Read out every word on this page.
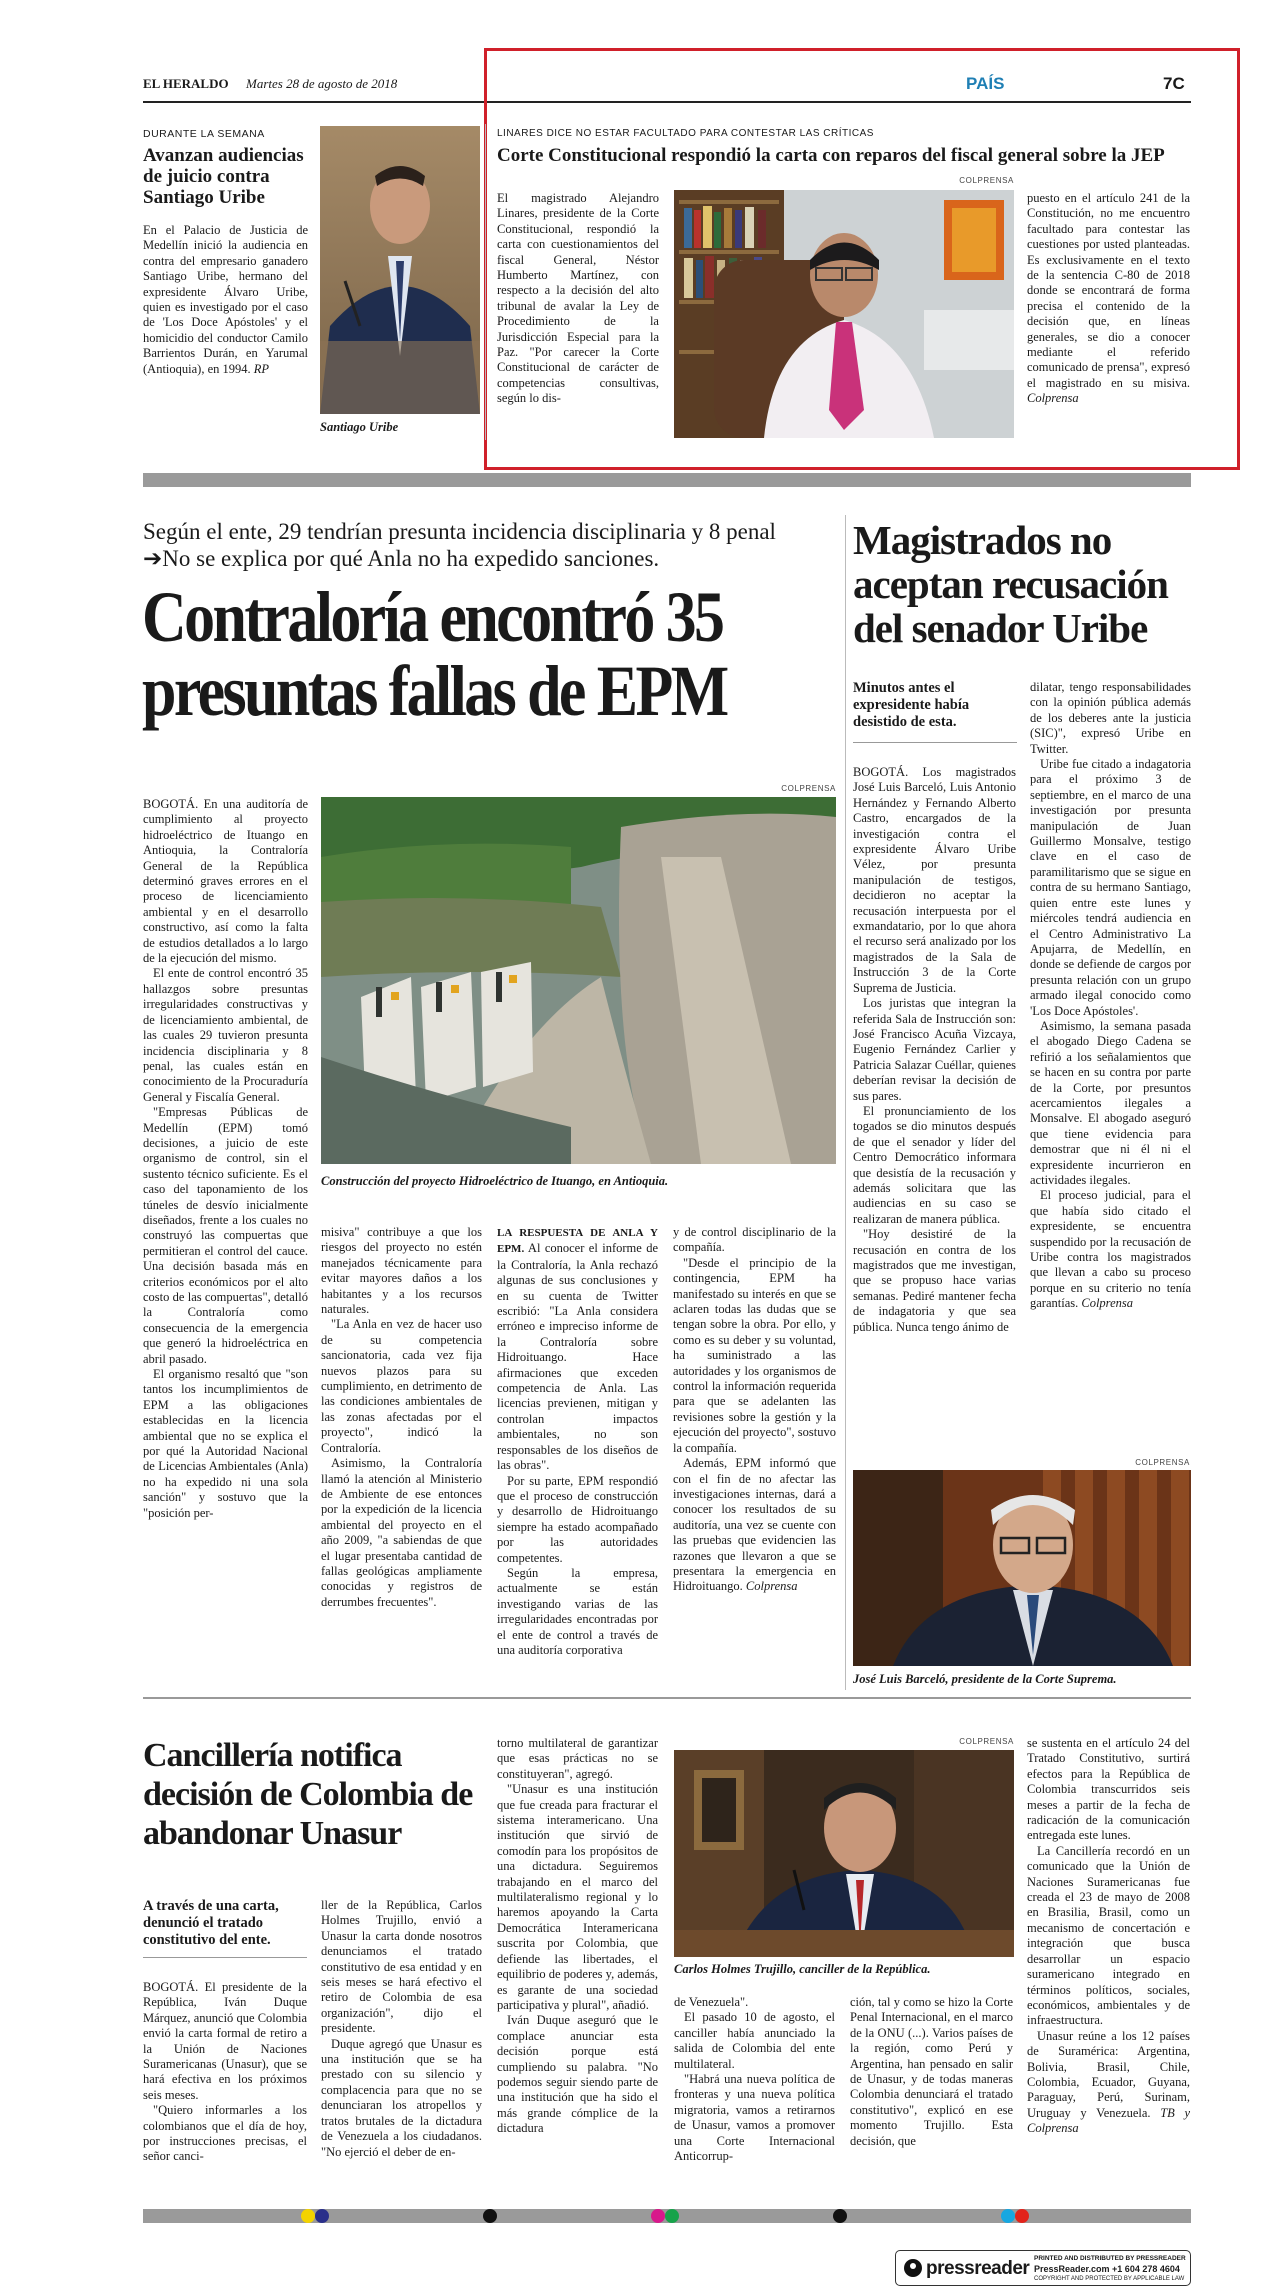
EL HERALDO Martes 28 de agosto de 2018	PAÍS	7C
DURANTE LA SEMANA
Avanzan audiencias de juicio contra Santiago Uribe
En el Palacio de Justicia de Medellín inició la audiencia en contra del empresario ganadero Santiago Uribe, hermano del expresidente Álvaro Uribe, quien es investigado por el caso de 'Los Doce Apóstoles' y el homicidio del conductor Camilo Barrientos Durán, en Yarumal (Antioquia), en 1994. RP
Santiago Uribe
LINARES DICE NO ESTAR FACULTADO PARA CONTESTAR LAS CRÍTICAS
Corte Constitucional respondió la carta con reparos del fiscal general sobre la JEP
COLPRENSA
El magistrado Alejandro Linares, presidente de la Corte Constitucional, respondió la carta con cuestionamientos del fiscal General, Néstor Humberto Martínez, con respecto a la decisión del alto tribunal de avalar la Ley de Procedimiento de la Jurisdicción Especial para la Paz. "Por carecer la Corte Constitucional de carácter de competencias consultivas, según lo dis-
puesto en el artículo 241 de la Constitución, no me encuentro facultado para contestar las cuestiones por usted planteadas. Es exclusivamente en el texto de la sentencia C-80 de 2018 donde se encontrará de forma precisa el contenido de la decisión que, en líneas generales, se dio a conocer mediante el referido comunicado de prensa", expresó el magistrado en su misiva. Colprensa
Según el ente, 29 tendrían presunta incidencia disciplinaria y 8 penal ➔No se explica por qué Anla no ha expedido sanciones.
Contraloría encontró 35 presuntas fallas de EPM
COLPRENSA
Construcción del proyecto Hidroeléctrico de Ituango, en Antioquia.

BOGOTÁ. En una auditoría de cumplimiento al proyecto hidroeléctrico de Ituango en Antioquia, la Contraloría General de la República determinó graves errores en el proceso de licenciamiento ambiental y en el desarrollo constructivo, así como la falta de estudios detallados a lo largo de la ejecución del mismo.

El ente de control encontró 35 hallazgos sobre presuntas irregularidades constructivas y de licenciamiento ambiental, de las cuales 29 tuvieron presunta incidencia disciplinaria y 8 penal, las cuales están en conocimiento de la Procuraduría General y Fiscalía General.

"Empresas Públicas de Medellín (EPM) tomó decisiones, a juicio de este organismo de control, sin el sustento técnico suficiente. Es el caso del taponamiento de los túneles de desvío inicialmente diseñados, frente a los cuales no construyó las compuertas que permitieran el control del cauce. Una decisión basada más en criterios económicos por el alto costo de las compuertas", detalló la Contraloría como consecuencia de la emergencia que generó la hidroeléctrica en abril pasado.

El organismo resaltó que "son tantos los incumplimientos de EPM a las obligaciones establecidas en la licencia ambiental que no se explica el por qué la Autoridad Nacional de Licencias Ambientales (Anla) no ha expedido ni una sola sanción" y sostuvo que la "posición per-

misiva" contribuye a que los riesgos del proyecto no estén manejados técnicamente para evitar mayores daños a los habitantes y a los recursos naturales.

"La Anla en vez de hacer uso de su competencia sancionatoria, cada vez fija nuevos plazos para su cumplimiento, en detrimento de las condiciones ambientales de las zonas afectadas por el proyecto", indicó la Contraloría.

Asimismo, la Contraloría llamó la atención al Ministerio de Ambiente de ese entonces por la expedición de la licencia ambiental del proyecto en el año 2009, "a sabiendas de que el lugar presentaba cantidad de fallas geológicas ampliamente conocidas y registros de derrumbes frecuentes".

LA RESPUESTA DE ANLA Y EPM. Al conocer el informe de la Contraloría, la Anla rechazó algunas de sus conclusiones y en su cuenta de Twitter escribió: "La Anla considera erróneo e impreciso informe de la Contraloría sobre Hidroituango. Hace afirmaciones que exceden competencia de Anla. Las licencias previenen, mitigan y controlan impactos ambientales, no son responsables de los diseños de las obras".

Por su parte, EPM respondió que el proceso de construcción y desarrollo de Hidroituango siempre ha estado acompañado por las autoridades competentes.

Según la empresa, actualmente se están investigando varias de las irregularidades encontradas por el ente de control a través de una auditoría corporativa

y de control disciplinario de la compañía.

"Desde el principio de la contingencia, EPM ha manifestado su interés en que se aclaren todas las dudas que se tengan sobre la obra. Por ello, y como es su deber y su voluntad, ha suministrado a las autoridades y los organismos de control la información requerida para que se adelanten las revisiones sobre la gestión y la ejecución del proyecto", sostuvo la compañía.

Además, EPM informó que con el fin de no afectar las investigaciones internas, dará a conocer los resultados de su auditoría, una vez se cuente con las pruebas que evidencien las razones que llevaron a que se presentara la emergencia en Hidroituango. Colprensa

Magistrados no aceptan recusación del senador Uribe
Minutos antes el expresidente había desistido de esta.

BOGOTÁ. Los magistrados José Luis Barceló, Luis Antonio Hernández y Fernando Alberto Castro, encargados de la investigación contra el expresidente Álvaro Uribe Vélez, por presunta manipulación de testigos, decidieron no aceptar la recusación interpuesta por el exmandatario, por lo que ahora el recurso será analizado por los magistrados de la Sala de Instrucción 3 de la Corte Suprema de Justicia.

Los juristas que integran la referida Sala de Instrucción son: José Francisco Acuña Vizcaya, Eugenio Fernández Carlier y Patricia Salazar Cuéllar, quienes deberían revisar la decisión de sus pares.

El pronunciamiento de los togados se dio minutos después de que el senador y líder del Centro Democrático informara que desistía de la recusación y además solicitara que las audiencias en su caso se realizaran de manera pública.

"Hoy desistiré de la recusación en contra de los magistrados que me investigan, que se propuso hace varias semanas. Pediré mantener fecha de indagatoria y que sea pública. Nunca tengo ánimo de

dilatar, tengo responsabilidades con la opinión pública además de los deberes ante la justicia (SIC)", expresó Uribe en Twitter.

Uribe fue citado a indagatoria para el próximo 3 de septiembre, en el marco de una investigación por presunta manipulación de Juan Guillermo Monsalve, testigo clave en el caso de paramilitarismo que se sigue en contra de su hermano Santiago, quien entre este lunes y miércoles tendrá audiencia en el Centro Administrativo La Apujarra, de Medellín, en donde se defiende de cargos por presunta relación con un grupo armado ilegal conocido como 'Los Doce Apóstoles'.

Asimismo, la semana pasada el abogado Diego Cadena se refirió a los señalamientos que se hacen en su contra por parte de la Corte, por presuntos acercamientos ilegales a Monsalve. El abogado aseguró que tiene evidencia para demostrar que ni él ni el expresidente incurrieron en actividades ilegales.

El proceso judicial, para el que había sido citado el expresidente, se encuentra suspendido por la recusación de Uribe contra los magistrados que llevan a cabo su proceso porque en su criterio no tenía garantías. Colprensa

COLPRENSA
José Luis Barceló, presidente de la Corte Suprema.
Cancillería notifica decisión de Colombia de abandonar Unasur
A través de una carta, denunció el tratado constitutivo del ente.

BOGOTÁ. El presidente de la República, Iván Duque Márquez, anunció que Colombia envió la carta formal de retiro a la Unión de Naciones Suramericanas (Unasur), que se hará efectiva en los próximos seis meses.

"Quiero informarles a los colombianos que el día de hoy, por instrucciones precisas, el señor canci-

ller de la República, Carlos Holmes Trujillo, envió a Unasur la carta donde nosotros denunciamos el tratado constitutivo de esa entidad y en seis meses se hará efectivo el retiro de Colombia de esa organización", dijo el presidente.

Duque agregó que Unasur es una institución que se ha prestado con su silencio y complacencia para que no se denunciaran los atropellos y tratos brutales de la dictadura de Venezuela a los ciudadanos. "No ejerció el deber de en-

torno multilateral de garantizar que esas prácticas no se constituyeran", agregó.

"Unasur es una institución que fue creada para fracturar el sistema interamericano. Una institución que sirvió de comodín para los propósitos de una dictadura. Seguiremos trabajando en el marco del multilateralismo regional y lo haremos apoyando la Carta Democrática Interamericana suscrita por Colombia, que defiende las libertades, el equilibrio de poderes y, además, es garante de una sociedad participativa y plural", añadió.

Iván Duque aseguró que le complace anunciar esta decisión porque está cumpliendo su palabra. "No podemos seguir siendo parte de una institución que ha sido el más grande cómplice de la dictadura

COLPRENSA
Carlos Holmes Trujillo, canciller de la República.

de Venezuela".

El pasado 10 de agosto, el canciller había anunciado la salida de Colombia del ente multilateral.

"Habrá una nueva política de fronteras y una nueva política migratoria, vamos a retirarnos de Unasur, vamos a promover una Corte Internacional Anticorrup-

ción, tal y como se hizo la Corte Penal Internacional, en el marco de la ONU (...). Varios países de la región, como Perú y Argentina, han pensado en salir de Unasur, y de todas maneras Colombia denunciará el tratado constitutivo", explicó en ese momento Trujillo. Esta decisión, que

se sustenta en el artículo 24 del Tratado Constitutivo, surtirá efectos para la República de Colombia transcurridos seis meses a partir de la fecha de radicación de la comunicación entregada este lunes.

La Cancillería recordó en un comunicado que la Unión de Naciones Suramericanas fue creada el 23 de mayo de 2008 en Brasilia, Brasil, como un mecanismo de concertación e integración que busca desarrollar un espacio suramericano integrado en términos políticos, sociales, económicos, ambientales y de infraestructura.

Unasur reúne a los 12 países de Suramérica: Argentina, Bolivia, Brasil, Chile, Colombia, Ecuador, Guyana, Paraguay, Perú, Surinam, Uruguay y Venezuela. TB y Colprensa

pressreader PRINTED AND DISTRIBUTED BY PRESSREADER
PressReader.com +1 604 278 4604
COPYRIGHT AND PROTECTED BY APPLICABLE LAW
